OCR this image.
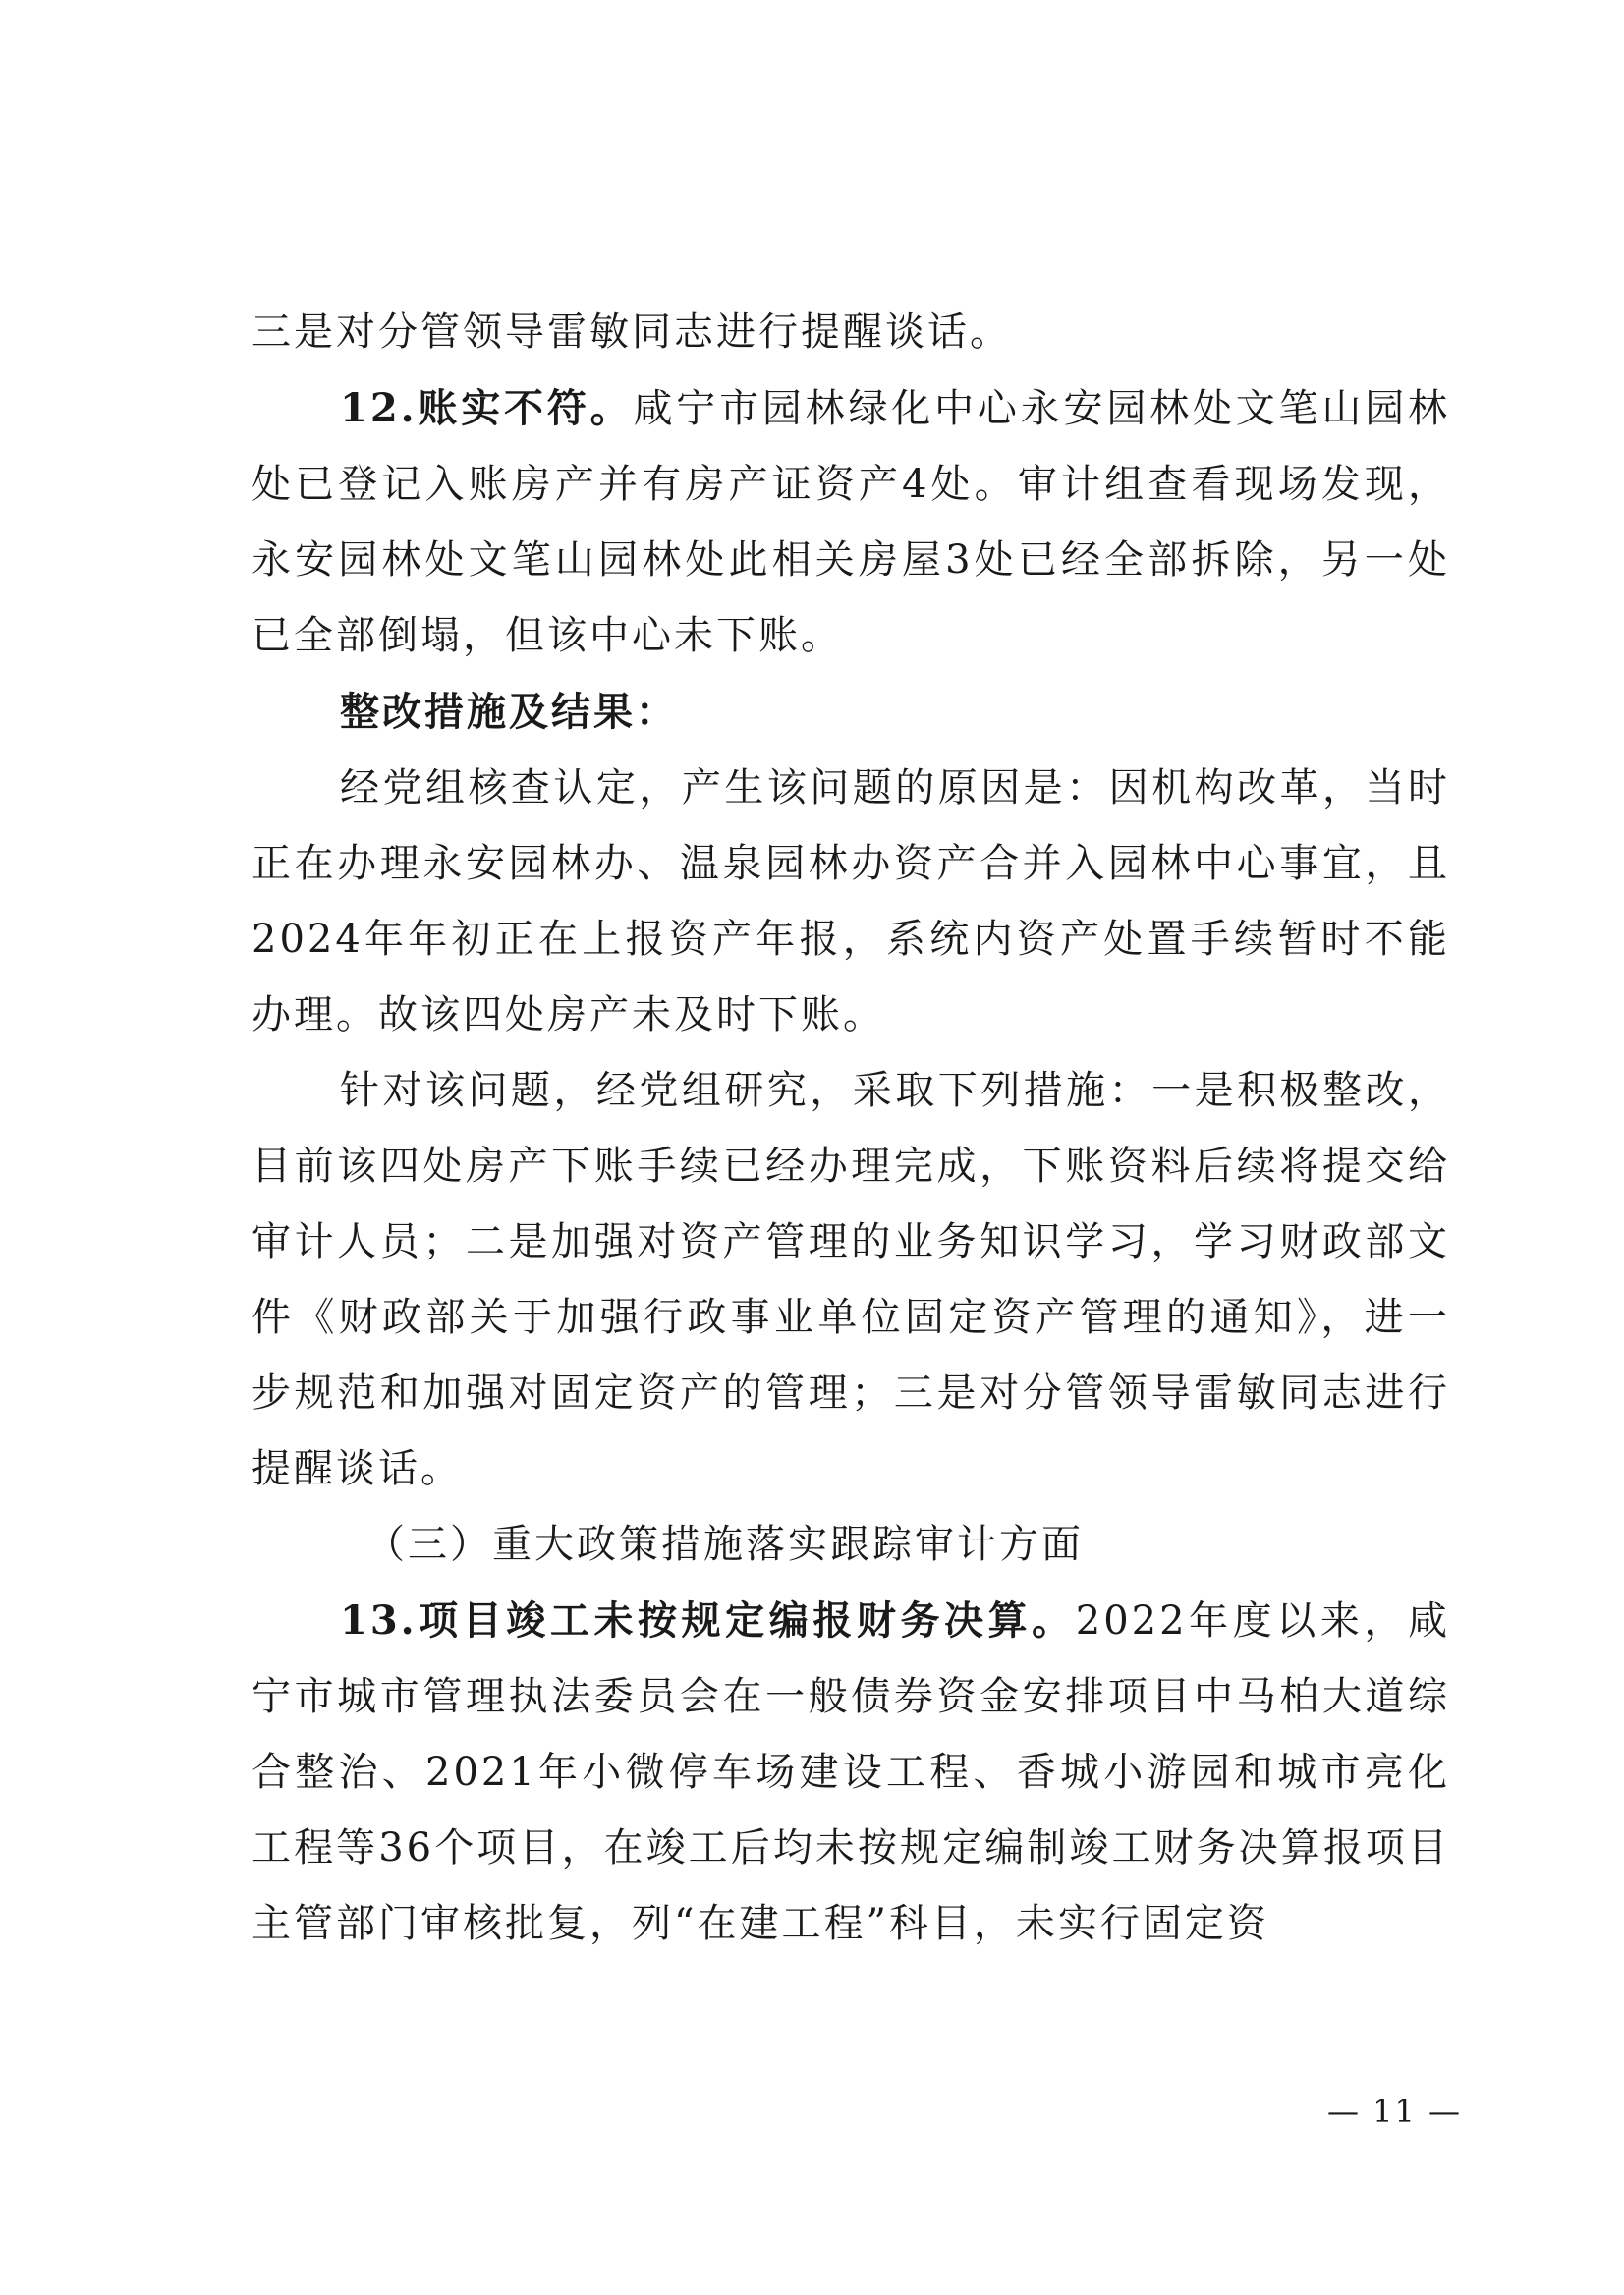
三是对分管领导雷敏同志进行提醒谈话。

12.账实不符。咸宁市园林绿化中心永安园林处文笔山园林处已登记入账房产并有房产证资产4处。审计组查看现场发现，永安园林处文笔山园林处此相关房屋3处已经全部拆除，另一处已全部倒塌，但该中心未下账。

整改措施及结果：

经党组核查认定，产生该问题的原因是：因机构改革，当时正在办理永安园林办、温泉园林办资产合并入园林中心事宜，且2024年年初正在上报资产年报，系统内资产处置手续暂时不能办理。故该四处房产未及时下账。

针对该问题，经党组研究，采取下列措施：一是积极整改，目前该四处房产下账手续已经办理完成，下账资料后续将提交给审计人员；二是加强对资产管理的业务知识学习，学习财政部文件《财政部关于加强行政事业单位固定资产管理的通知》，进一步规范和加强对固定资产的管理；三是对分管领导雷敏同志进行提醒谈话。

（三）重大政策措施落实跟踪审计方面

13.项目竣工未按规定编报财务决算。2022年度以来，咸宁市城市管理执法委员会在一般债券资金安排项目中马柏大道综合整治、2021年小微停车场建设工程、香城小游园和城市亮化工程等36个项目，在竣工后均未按规定编制竣工财务决算报项目主管部门审核批复，列“在建工程”科目，未实行固定资

— 11 —
